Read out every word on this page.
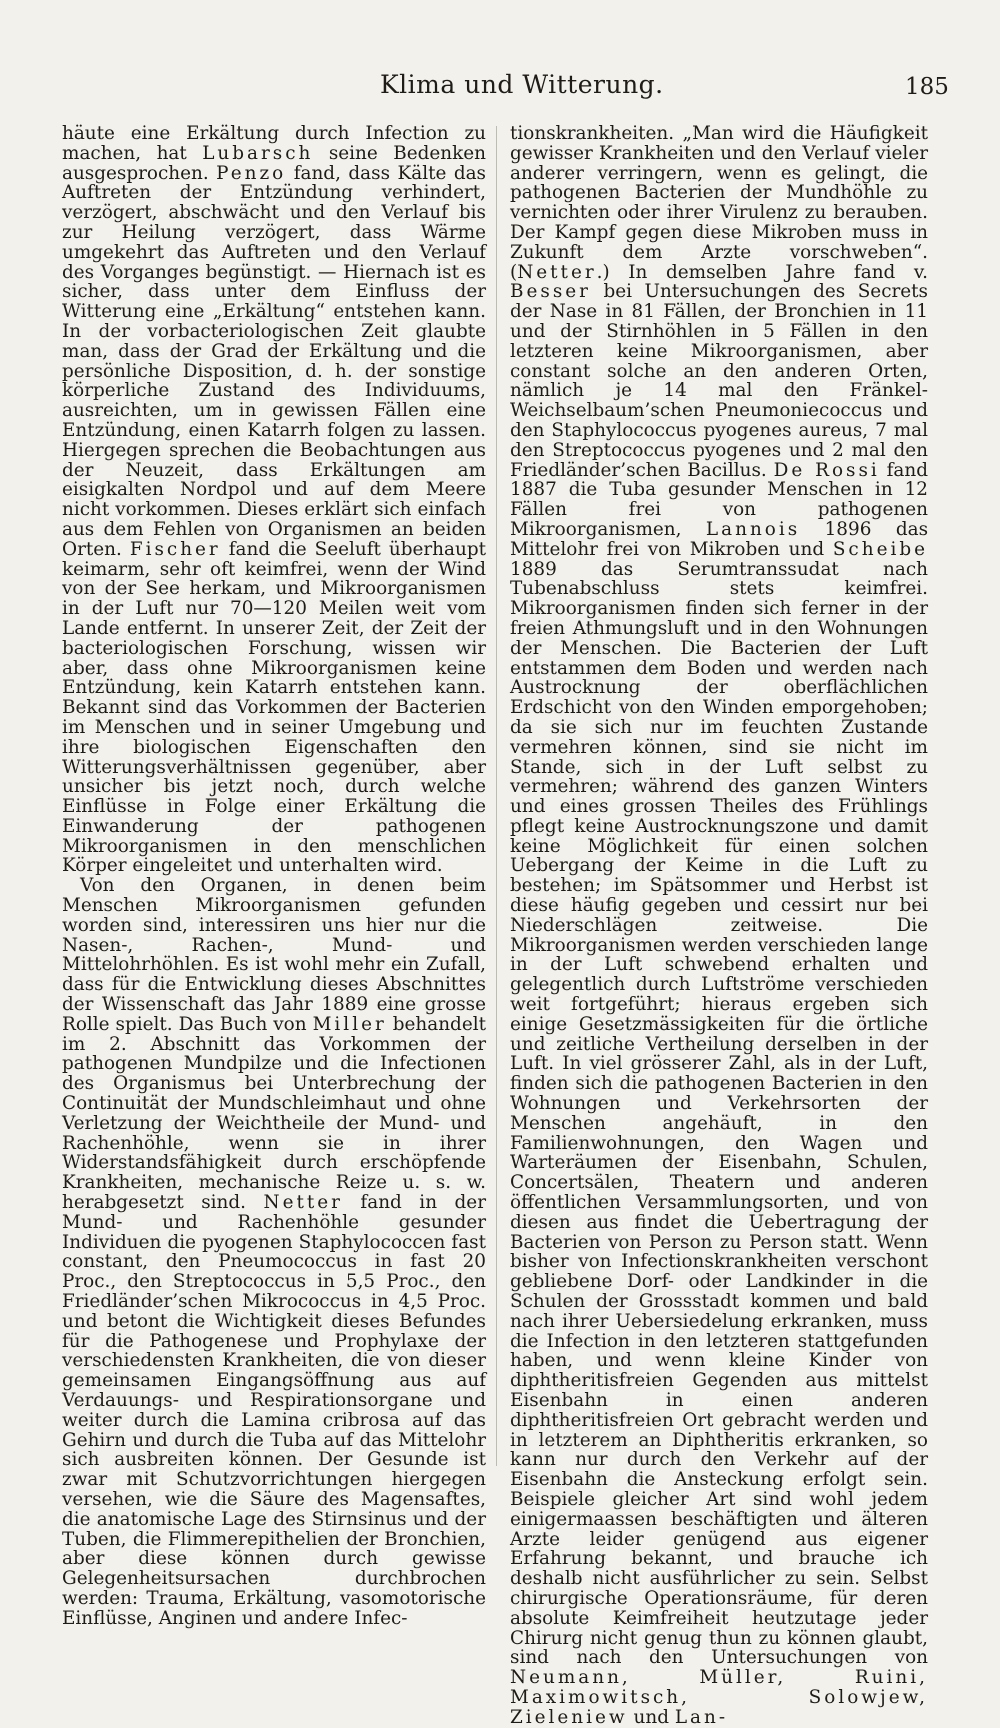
Klima und Witterung.	185

häute eine Erkältung durch Infection zu machen, hat Lubarsch seine Bedenken ausgesprochen. Penzo fand, dass Kälte das Auftreten der Entzündung verhindert, verzögert, abschwächt und den Verlauf bis zur Heilung verzögert, dass Wärme umgekehrt das Auftreten und den Verlauf des Vorganges begünstigt. — Hiernach ist es sicher, dass unter dem Einfluss der Witterung eine „Erkältung“ entstehen kann. In der vorbacteriologischen Zeit glaubte man, dass der Grad der Erkältung und die persönliche Disposition, d. h. der sonstige körperliche Zustand des Individuums, ausreichten, um in gewissen Fällen eine Entzündung, einen Katarrh folgen zu lassen. Hiergegen sprechen die Beobachtungen aus der Neuzeit, dass Erkältungen am eisigkalten Nordpol und auf dem Meere nicht vorkommen. Dieses erklärt sich einfach aus dem Fehlen von Organismen an beiden Orten. Fischer fand die Seeluft überhaupt keimarm, sehr oft keimfrei, wenn der Wind von der See herkam, und Mikroorganismen in der Luft nur 70—120 Meilen weit vom Lande entfernt. In unserer Zeit, der Zeit der bacteriologischen Forschung, wissen wir aber, dass ohne Mikroorganismen keine Entzündung, kein Katarrh entstehen kann. Bekannt sind das Vorkommen der Bacterien im Menschen und in seiner Umgebung und ihre biologischen Eigenschaften den Witterungsverhältnissen gegenüber, aber unsicher bis jetzt noch, durch welche Einflüsse in Folge einer Erkältung die Einwanderung der pathogenen Mikroorganismen in den menschlichen Körper eingeleitet und unterhalten wird.

Von den Organen, in denen beim Menschen Mikroorganismen gefunden worden sind, interessiren uns hier nur die Nasen-, Rachen-, Mund- und Mittelohrhöhlen. Es ist wohl mehr ein Zufall, dass für die Entwicklung dieses Abschnittes der Wissenschaft das Jahr 1889 eine grosse Rolle spielt. Das Buch von Miller behandelt im 2. Abschnitt das Vorkommen der pathogenen Mundpilze und die Infectionen des Organismus bei Unterbrechung der Continuität der Mundschleimhaut und ohne Verletzung der Weichtheile der Mund- und Rachenhöhle, wenn sie in ihrer Widerstandsfähigkeit durch erschöpfende Krankheiten, mechanische Reize u. s. w. herabgesetzt sind. Netter fand in der Mund- und Rachenhöhle gesunder Individuen die pyogenen Staphylococcen fast constant, den Pneumococcus in fast 20 Proc., den Streptococcus in 5,5 Proc., den Friedländer’schen Mikrococcus in 4,5 Proc. und betont die Wichtigkeit dieses Befundes für die Pathogenese und Prophylaxe der verschiedensten Krankheiten, die von dieser gemeinsamen Eingangsöffnung aus auf Verdauungs- und Respirationsorgane und weiter durch die Lamina cribrosa auf das Gehirn und durch die Tuba auf das Mittelohr sich ausbreiten können. Der Gesunde ist zwar mit Schutzvorrichtungen hiergegen versehen, wie die Säure des Magensaftes, die anatomische Lage des Stirnsinus und der Tuben, die Flimmerepithelien der Bronchien, aber diese können durch gewisse Gelegenheitsursachen durchbrochen werden: Trauma, Erkältung, vasomotorische Einflüsse, Anginen und andere Infec-

tionskrankheiten. „Man wird die Häufigkeit gewisser Krankheiten und den Verlauf vieler anderer verringern, wenn es gelingt, die pathogenen Bacterien der Mundhöhle zu vernichten oder ihrer Virulenz zu berauben. Der Kampf gegen diese Mikroben muss in Zukunft dem Arzte vorschweben“. (Netter.) In demselben Jahre fand v. Besser bei Untersuchungen des Secrets der Nase in 81 Fällen, der Bronchien in 11 und der Stirnhöhlen in 5 Fällen in den letzteren keine Mikroorganismen, aber constant solche an den anderen Orten, nämlich je 14 mal den Fränkel-Weichselbaum’schen Pneumoniecoccus und den Staphylococcus pyogenes aureus, 7 mal den Streptococcus pyogenes und 2 mal den Friedländer’schen Bacillus. De Rossi fand 1887 die Tuba gesunder Menschen in 12 Fällen frei von pathogenen Mikroorganismen, Lannois 1896 das Mittelohr frei von Mikroben und Scheibe 1889 das Serumtranssudat nach Tubenabschluss stets keimfrei. Mikroorganismen finden sich ferner in der freien Athmungsluft und in den Wohnungen der Menschen. Die Bacterien der Luft entstammen dem Boden und werden nach Austrocknung der oberflächlichen Erdschicht von den Winden emporgehoben; da sie sich nur im feuchten Zustande vermehren können, sind sie nicht im Stande, sich in der Luft selbst zu vermehren; während des ganzen Winters und eines grossen Theiles des Frühlings pflegt keine Austrocknungszone und damit keine Möglichkeit für einen solchen Uebergang der Keime in die Luft zu bestehen; im Spätsommer und Herbst ist diese häufig gegeben und cessirt nur bei Niederschlägen zeitweise. Die Mikroorganismen werden verschieden lange in der Luft schwebend erhalten und gelegentlich durch Luftströme verschieden weit fortgeführt; hieraus ergeben sich einige Gesetzmässigkeiten für die örtliche und zeitliche Vertheilung derselben in der Luft. In viel grösserer Zahl, als in der Luft, finden sich die pathogenen Bacterien in den Wohnungen und Verkehrsorten der Menschen angehäuft, in den Familienwohnungen, den Wagen und Warteräumen der Eisenbahn, Schulen, Concertsälen, Theatern und anderen öffentlichen Versammlungsorten, und von diesen aus findet die Uebertragung der Bacterien von Person zu Person statt. Wenn bisher von Infectionskrankheiten verschont gebliebene Dorf- oder Landkinder in die Schulen der Grossstadt kommen und bald nach ihrer Uebersiedelung erkranken, muss die Infection in den letzteren stattgefunden haben, und wenn kleine Kinder von diphtheritisfreien Gegenden aus mittelst Eisenbahn in einen anderen diphtheritisfreien Ort gebracht werden und in letzterem an Diphtheritis erkranken, so kann nur durch den Verkehr auf der Eisenbahn die Ansteckung erfolgt sein. Beispiele gleicher Art sind wohl jedem einigermaassen beschäftigten und älteren Arzte leider genügend aus eigener Erfahrung bekannt, und brauche ich deshalb nicht ausführlicher zu sein. Selbst chirurgische Operationsräume, für deren absolute Keimfreiheit heutzutage jeder Chirurg nicht genug thun zu können glaubt, sind nach den Untersuchungen von Neumann, Müller, Ruini, Maximowitsch, Solowjew, Zieleniew und Lan-
